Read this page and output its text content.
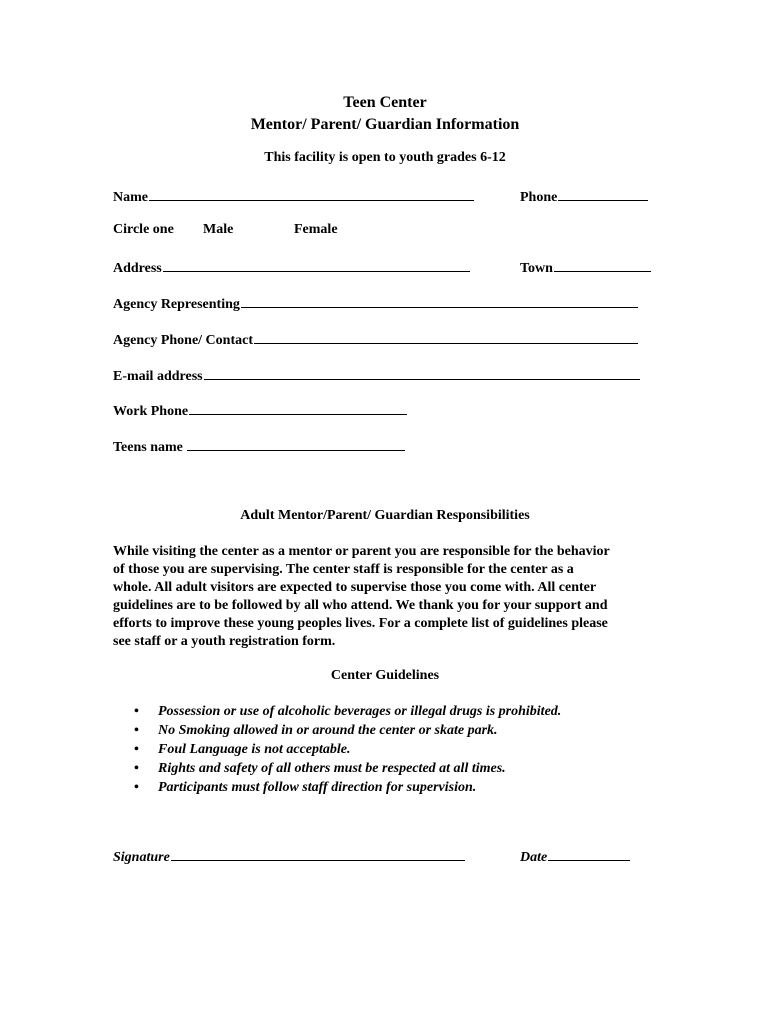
Teen Center
Mentor/ Parent/ Guardian Information
This facility is open to youth grades 6-12
Name	Phone
Circle one Male	Female
Address	Town
Agency Representing
Agency Phone/ Contact
E-mail address
Work Phone
Teens name
Adult Mentor/Parent/ Guardian Responsibilities
While visiting the center as a mentor or parent you are responsible for the behavior
of those you are supervising. The center staff is responsible for the center as a
whole. All adult visitors are expected to supervise those you come with. All center
guidelines are to be followed by all who attend. We thank you for your support and
efforts to improve these young peoples lives. For a complete list of guidelines please
see staff or a youth registration form.
Center Guidelines
• Possession or use of alcoholic beverages or illegal drugs is prohibited.
• No Smoking allowed in or around the center or skate park.
• Foul Language is not acceptable.
• Rights and safety of all others must be respected at all times.
• Participants must follow staff direction for supervision.
Signature	Date
